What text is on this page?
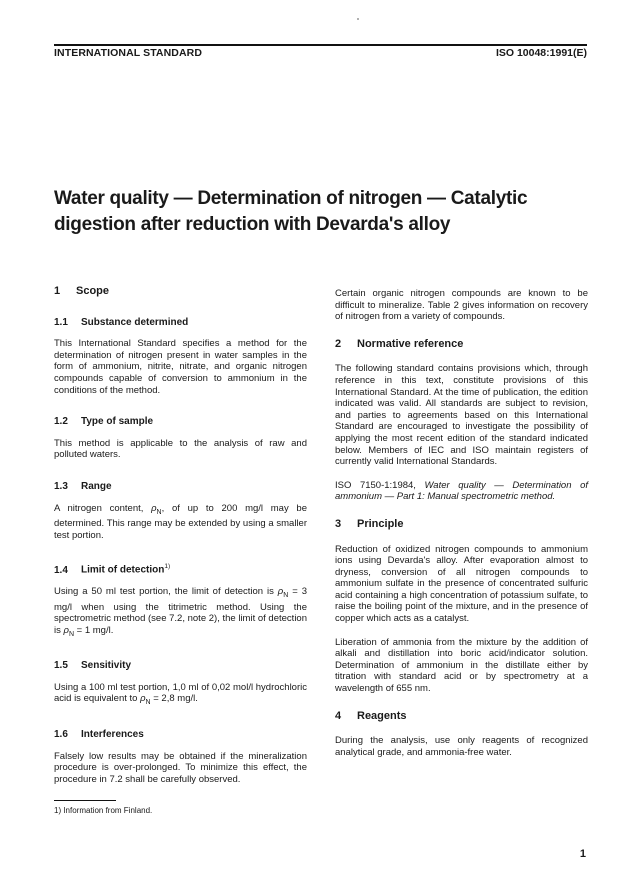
INTERNATIONAL STANDARD	ISO 10048:1991(E)
Water quality — Determination of nitrogen — Catalytic digestion after reduction with Devarda's alloy
1 Scope
1.1 Substance determined

This International Standard specifies a method for the determination of nitrogen present in water samples in the form of ammonium, nitrite, nitrate, and organic nitrogen compounds capable of conversion to ammonium in the conditions of the method.

1.2 Type of sample

This method is applicable to the analysis of raw and polluted waters.

1.3 Range

A nitrogen content, $\rho_N$, of up to 200 mg/l may be determined. This range may be extended by using a smaller test portion.

1.4 Limit of detection$^{1)}$

Using a 50 ml test portion, the limit of detection is $\rho_N = 3$ mg/l when using the titrimetric method. Using the spectrometric method (see 7.2, note 2), the limit of detection is $\rho_N = 1$ mg/l.

1.5 Sensitivity

Using a 100 ml test portion, 1,0 ml of 0,02 mol/l hydrochloric acid is equivalent to $\rho_N = 2,8$ mg/l.

1.6 Interferences

Falsely low results may be obtained if the mineralization procedure is over-prolonged. To minimize this effect, the procedure in 7.2 shall be carefully observed.

Certain organic nitrogen compounds are known to be difficult to mineralize. Table 2 gives information on recovery of nitrogen from a variety of compounds.

2 Normative reference

The following standard contains provisions which, through reference in this text, constitute provisions of this International Standard. At the time of publication, the edition indicated was valid. All standards are subject to revision, and parties to agreements based on this International Standard are encouraged to investigate the possibility of applying the most recent edition of the standard indicated below. Members of IEC and ISO maintain registers of currently valid International Standards.

ISO 7150-1:1984, Water quality — Determination of ammonium — Part 1: Manual spectrometric method.

3 Principle

Reduction of oxidized nitrogen compounds to ammonium ions using Devarda's alloy. After evaporation almost to dryness, conversion of all nitrogen compounds to ammonium sulfate in the presence of concentrated sulfuric acid containing a high concentration of potassium sulfate, to raise the boiling point of the mixture, and in the presence of copper which acts as a catalyst.

Liberation of ammonia from the mixture by the addition of alkali and distillation into boric acid/indicator solution. Determination of ammonium in the distillate either by titration with standard acid or by spectrometry at a wavelength of 655 nm.

4 Reagents

During the analysis, use only reagents of recognized analytical grade, and ammonia-free water.

1) Information from Finland.
1
